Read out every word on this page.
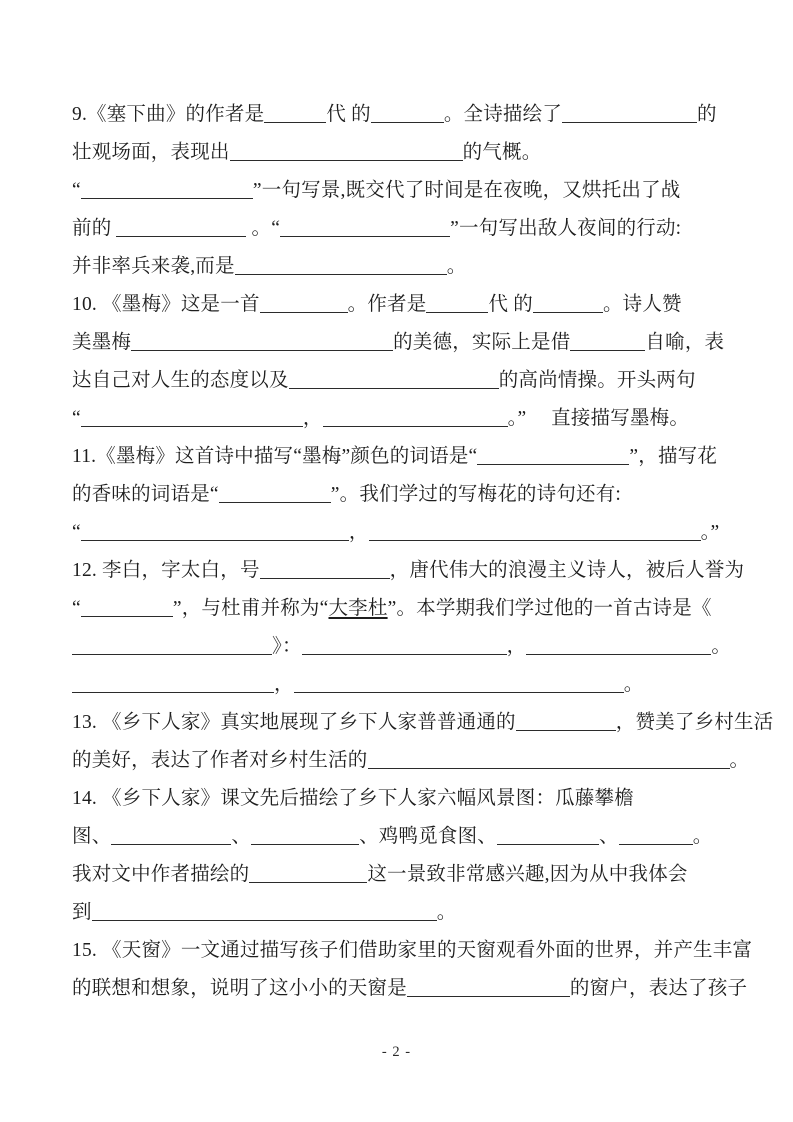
9.《塞下曲》的作者是	代 的	。全诗描绘了	的
壮观场面，表现出	的气概。
“	”一句写景,既交代了时间是在夜晚，又烘托出了战
前的	。“	”一句写出敌人夜间的行动:
并非率兵来袭,而是	。
10. 《墨梅》这是一首	。作者是	代 的	。诗人赞
美墨梅	的美德，实际上是借	自喻，表
达自己对人生的态度以及	的高尚情操。开头两句
“	，	。”　 直接描写墨梅。
11.《墨梅》这首诗中描写“墨梅”颜色的词语是“	”，描写花
的香味的词语是“	”。我们学过的写梅花的诗句还有:
“	，	。”
12. 李白，字太白，号	，唐代伟大的浪漫主义诗人，被后人誉为
“	”，与杜甫并称为“大李杜”。本学期我们学过他的一首古诗是《
》：	，	。
，	。
13. 《乡下人家》真实地展现了乡下人家普普通通的	，赞美了乡村生活
的美好，表达了作者对乡村生活的	。
14. 《乡下人家》课文先后描绘了乡下人家六幅风景图：瓜藤攀檐
图、	、	、鸡鸭觅食图、	、	。
我对文中作者描绘的	这一景致非常感兴趣,因为从中我体会
到	。
15. 《天窗》一文通过描写孩子们借助家里的天窗观看外面的世界，并产生丰富
的联想和想象，说明了这小小的天窗是	的窗户，表达了孩子
- 2 -
